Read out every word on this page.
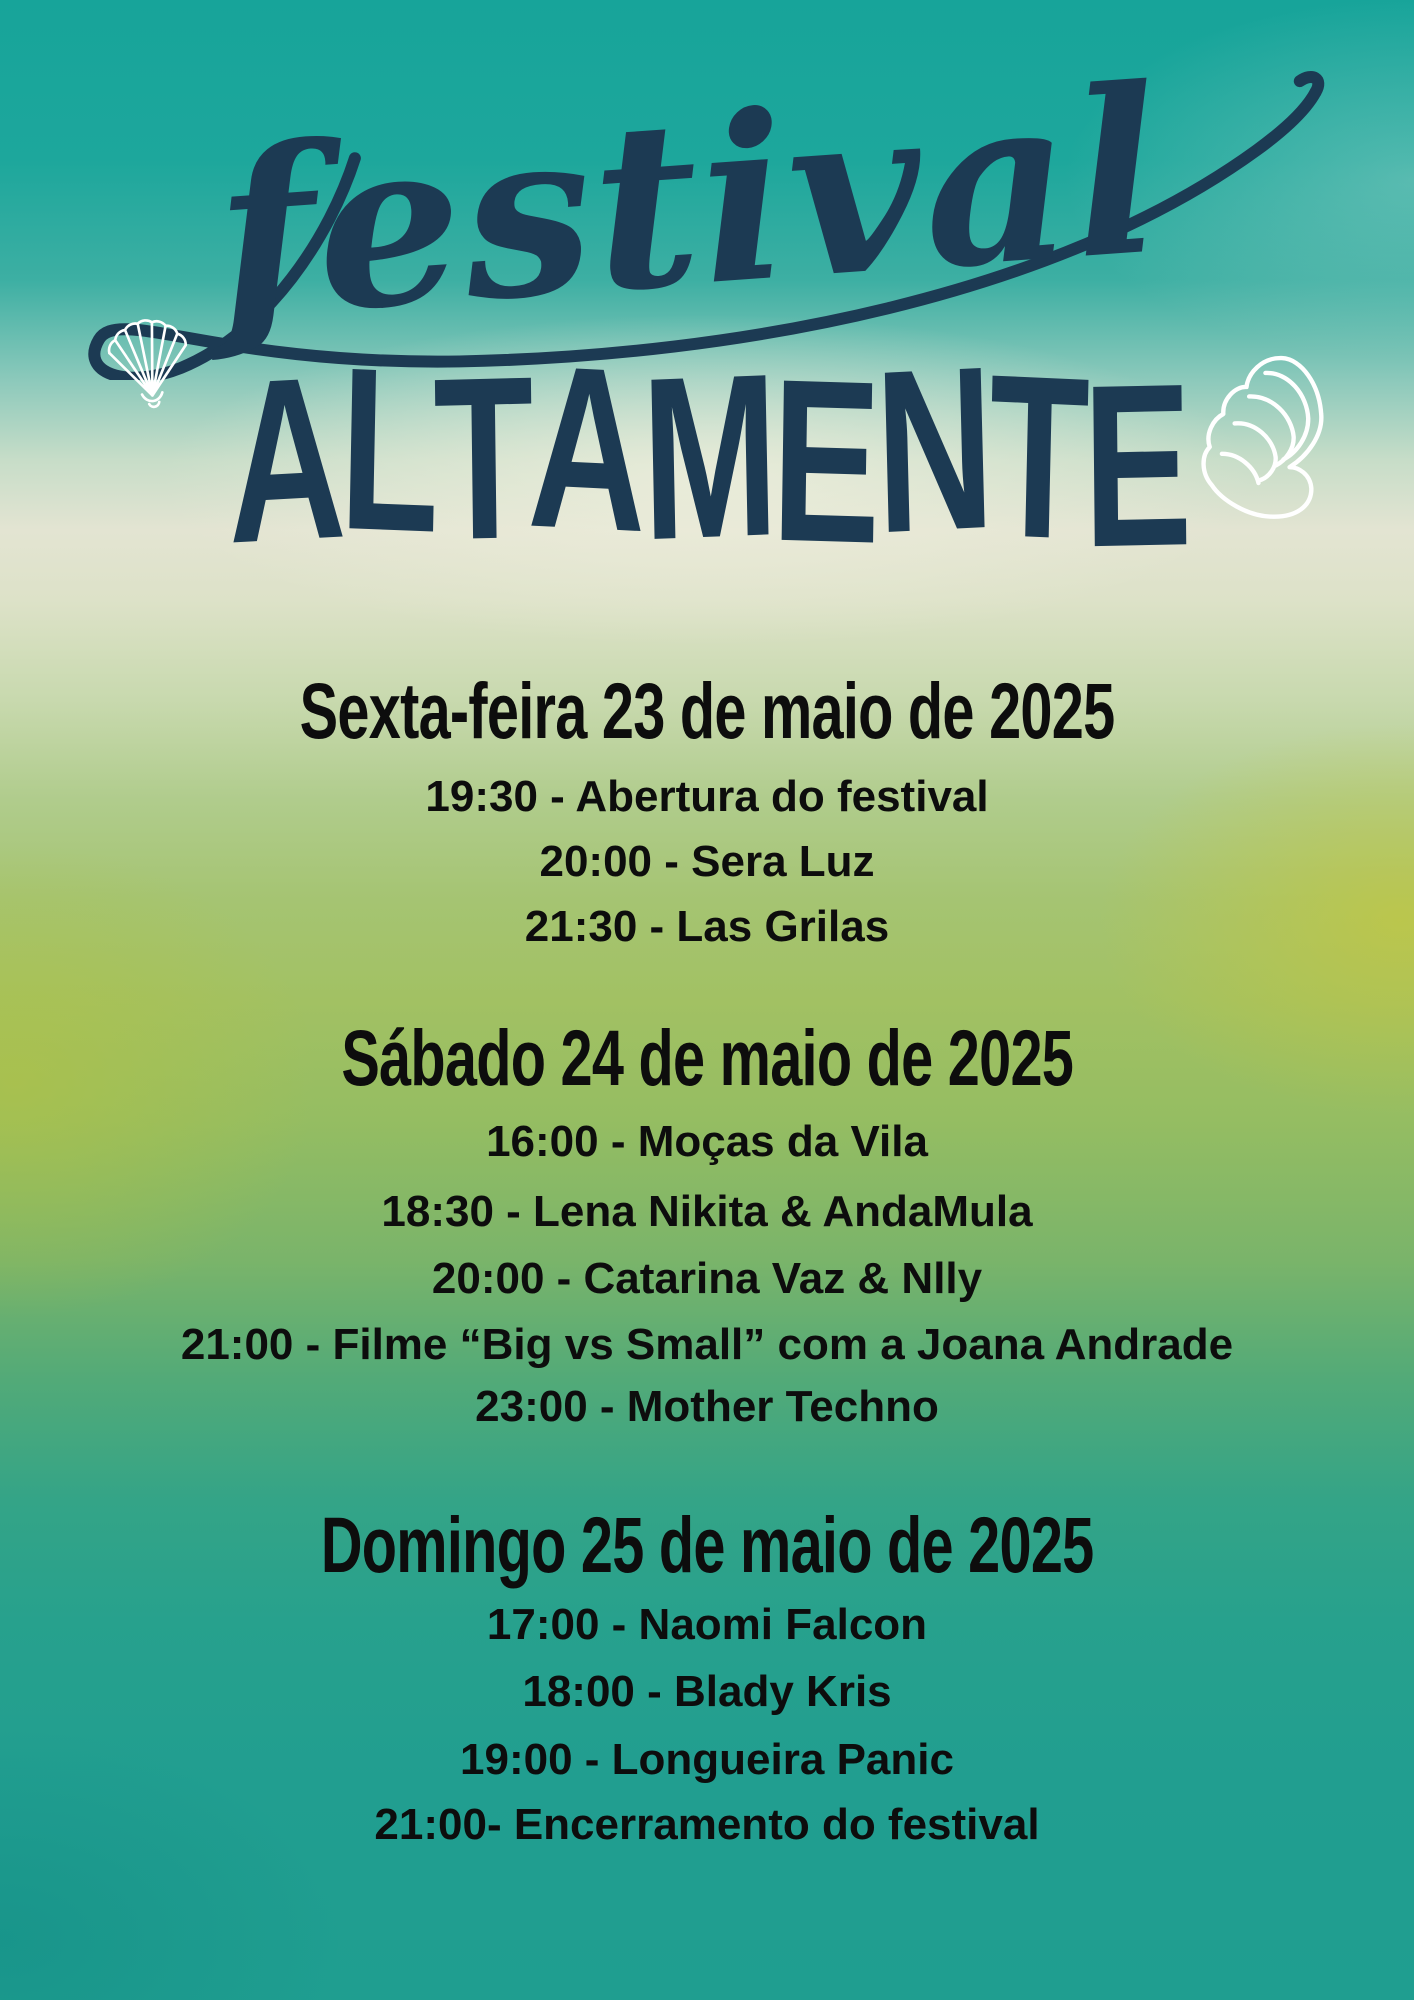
festival
ALTAMENTE
Sexta-feira 23 de maio de 2025
19:30 - Abertura do festival
20:00 - Sera Luz
21:30 - Las Grilas
Sábado 24 de maio de 2025
16:00 - Moças da Vila
18:30 - Lena Nikita & AndaMula
20:00 - Catarina Vaz & Nlly
21:00 - Filme “Big vs Small” com a Joana Andrade
23:00 - Mother Techno
Domingo 25 de maio de 2025
17:00 - Naomi Falcon
18:00 - Blady Kris
19:00 - Longueira Panic
21:00- Encerramento do festival
